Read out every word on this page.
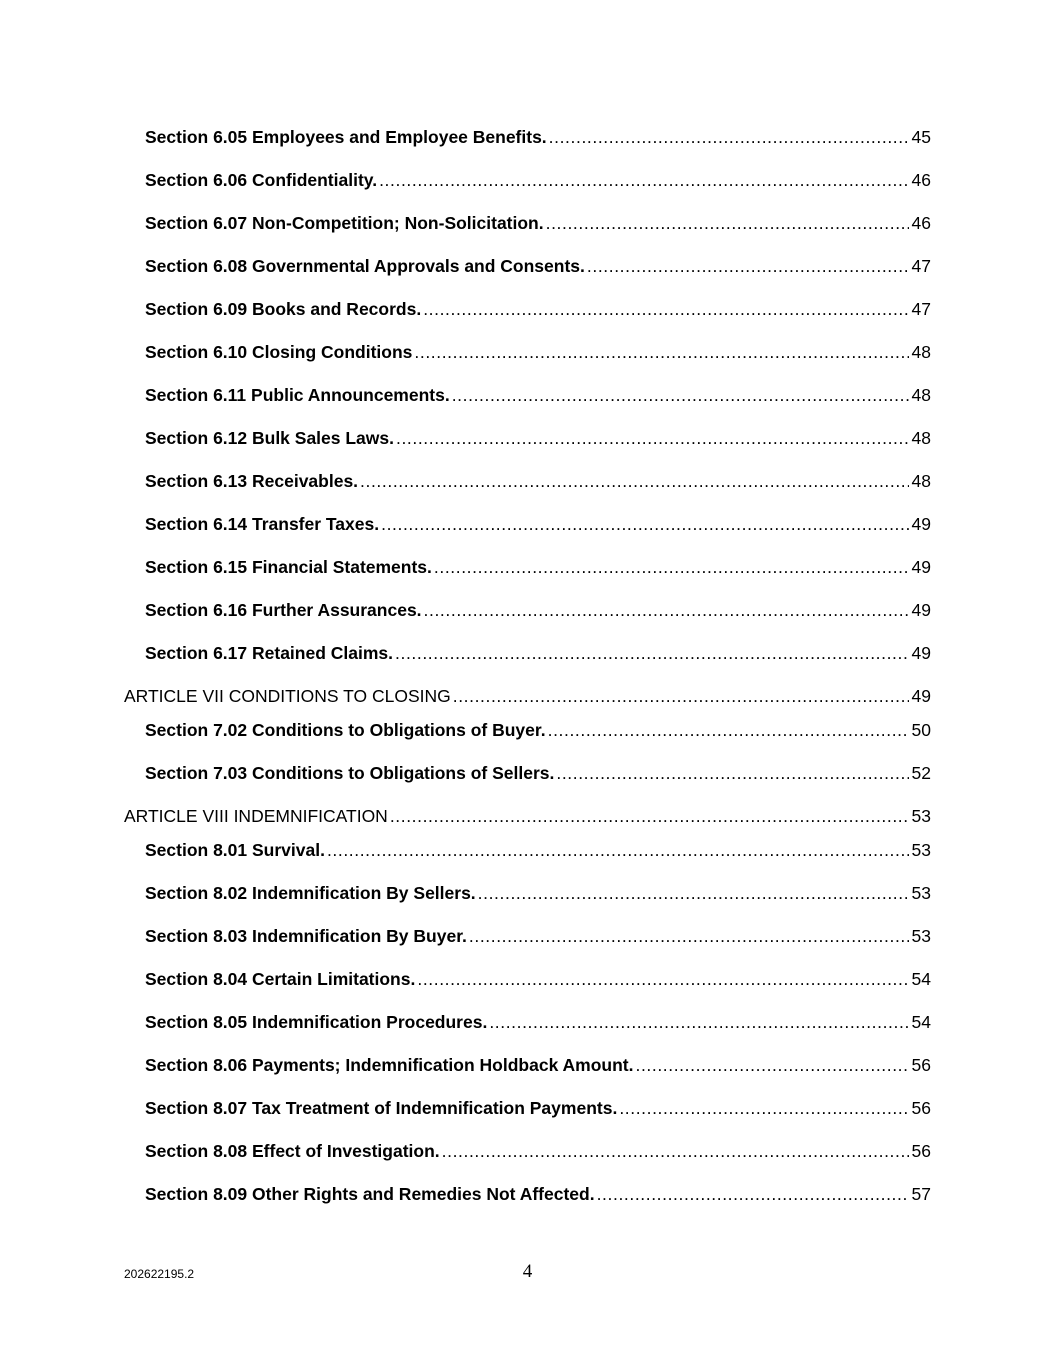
Section 6.05 Employees and Employee Benefits. .....	45
Section 6.06 Confidentiality. .....	46
Section 6.07 Non-Competition; Non-Solicitation. .....	46
Section 6.08 Governmental Approvals and Consents. .....	47
Section 6.09 Books and Records. .....	47
Section 6.10 Closing Conditions .....	48
Section 6.11 Public Announcements. .....	48
Section 6.12 Bulk Sales Laws. .....	48
Section 6.13 Receivables. .....	48
Section 6.14 Transfer Taxes. .....	49
Section 6.15 Financial Statements. .....	49
Section 6.16 Further Assurances. .....	49
Section 6.17 Retained Claims. .....	49
ARTICLE VII CONDITIONS TO CLOSING .....	49
Section 7.02 Conditions to Obligations of Buyer. .....	50
Section 7.03 Conditions to Obligations of Sellers. .....	52
ARTICLE VIII INDEMNIFICATION .....	53
Section 8.01 Survival. .....	53
Section 8.02 Indemnification By Sellers. .....	53
Section 8.03 Indemnification By Buyer. .....	53
Section 8.04 Certain Limitations. .....	54
Section 8.05 Indemnification Procedures. .....	54
Section 8.06 Payments; Indemnification Holdback Amount. .....	56
Section 8.07 Tax Treatment of Indemnification Payments. .....	56
Section 8.08 Effect of Investigation. .....	56
Section 8.09 Other Rights and Remedies Not Affected. .....	57
202622195.2	4
